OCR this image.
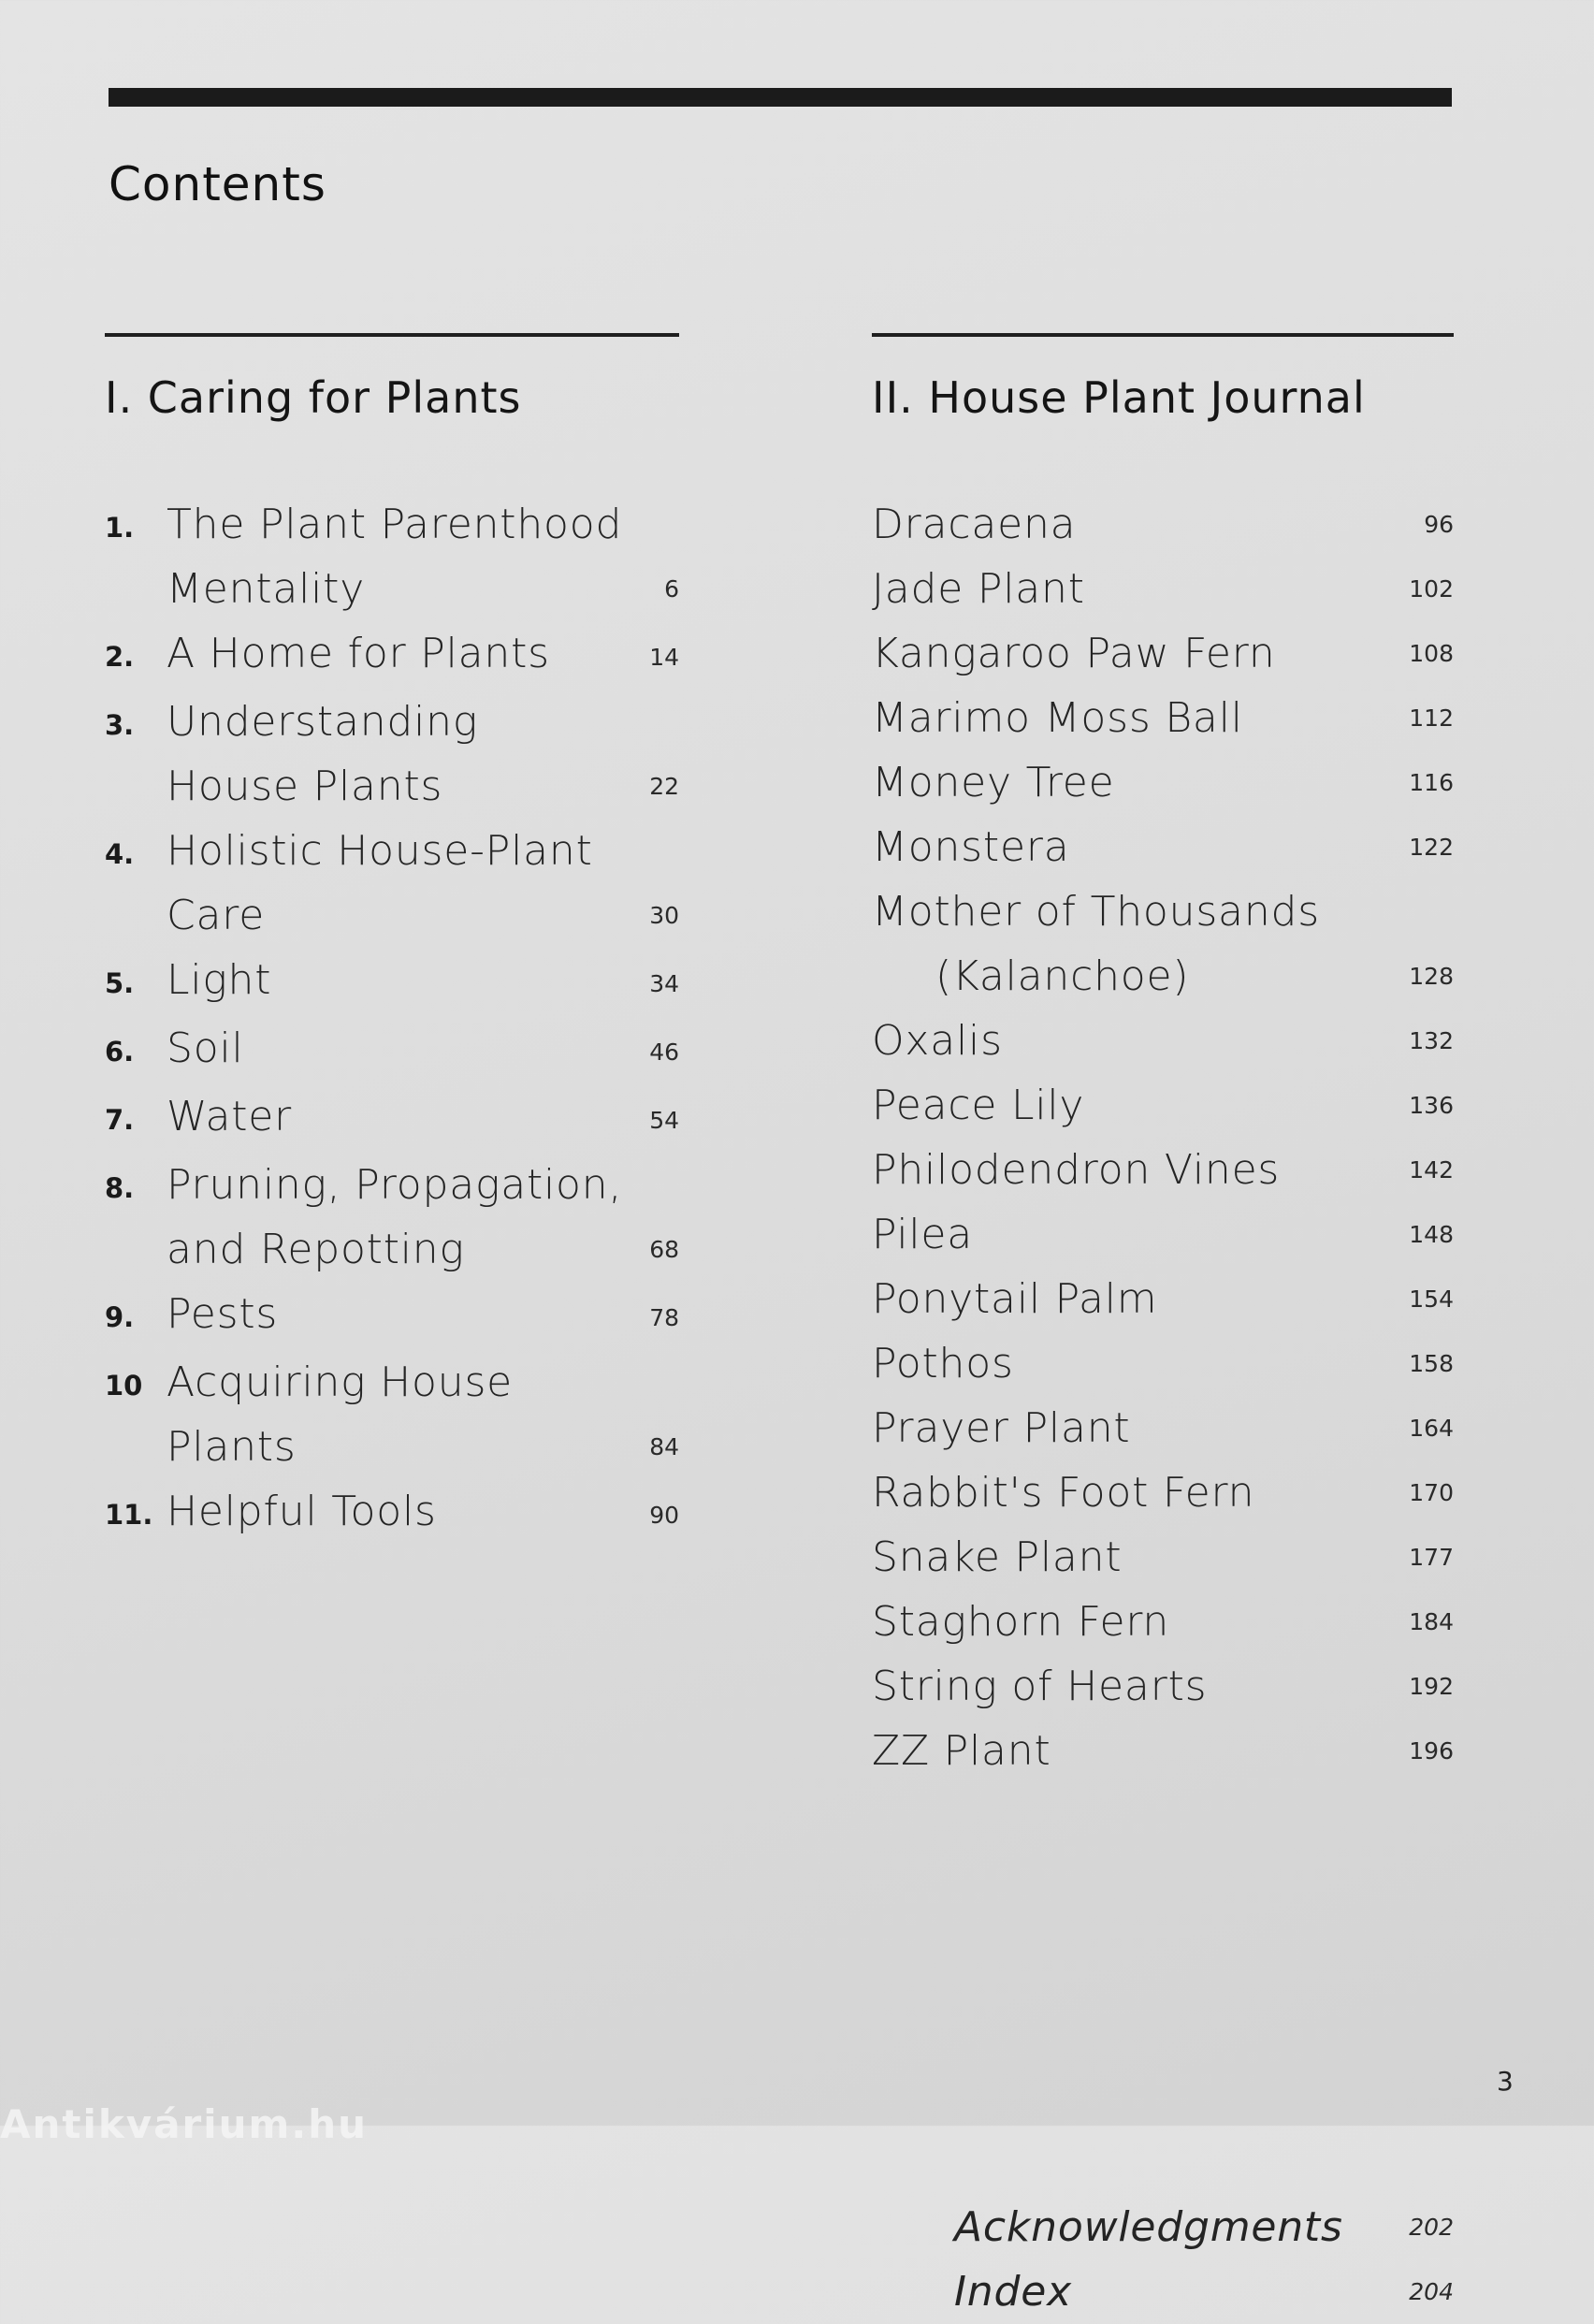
Contents
I. Caring for Plants
1. The Plant Parenthood
Mentality	6
2. A Home for Plants	14
3. Understanding
House Plants	22
4. Holistic House-Plant
Care	30
5. Light	34
6. Soil	46
7. Water	54
8. Pruning, Propagation,
and Repotting	68
9. Pests	78
10 Acquiring House
Plants	84
11. Helpful Tools	90
II. House Plant Journal
Dracaena	96
Jade Plant	102
Kangaroo Paw Fern	108
Marimo Moss Ball	112
Money Tree	116
Monstera	122
Mother of Thousands
(Kalanchoe)	128
Oxalis	132
Peace Lily	136
Philodendron Vines	142
Pilea	148
Ponytail Palm	154
Pothos	158
Prayer Plant	164
Rabbit's Foot Fern	170
Snake Plant	177
Staghorn Fern	184
String of Hearts	192
ZZ Plant	196
Acknowledgments	202
Index	204
3
Antikvárium.hu
